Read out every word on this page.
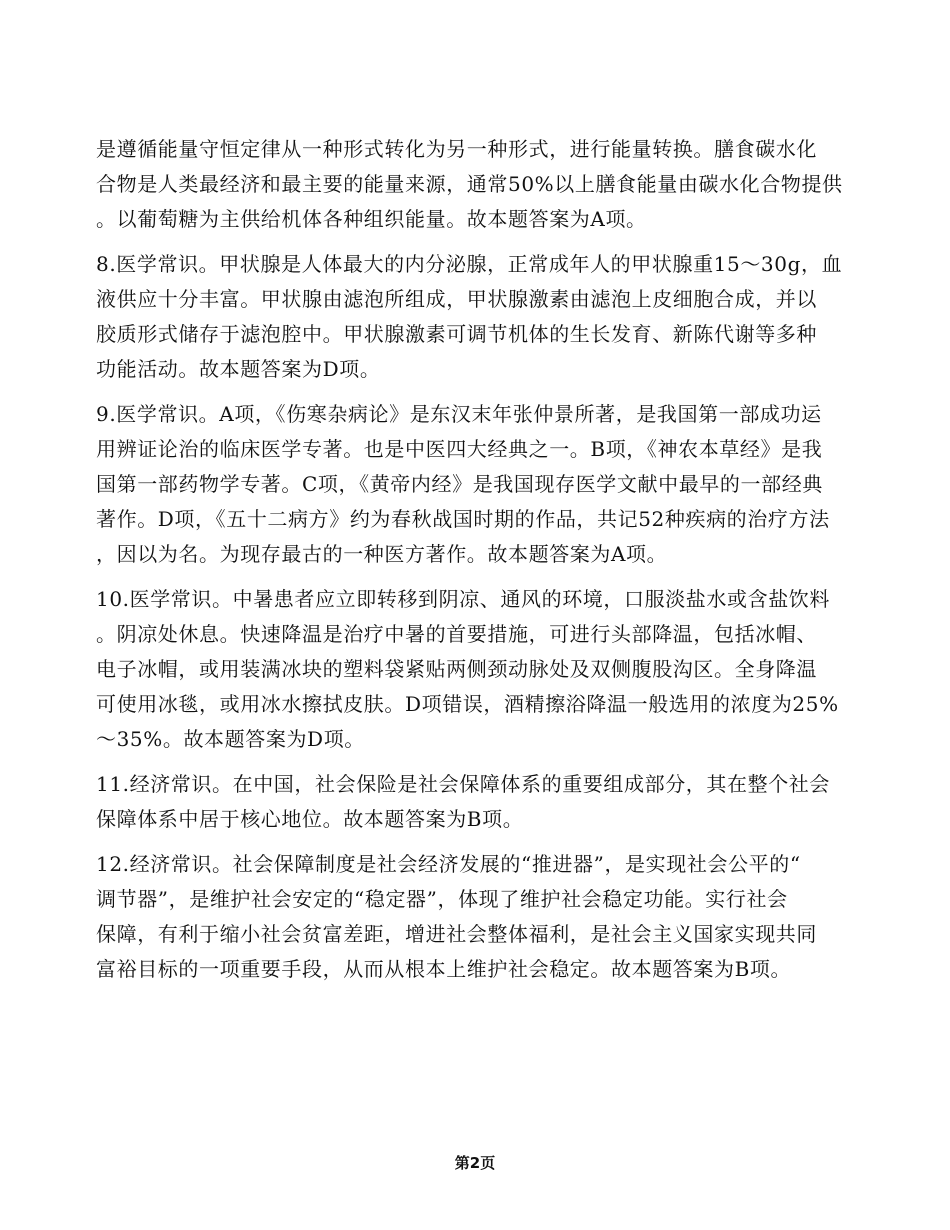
是遵循能量守恒定律从一种形式转化为另一种形式，进行能量转换。膳食碳水化
合物是人类最经济和最主要的能量来源，通常50%以上膳食能量由碳水化合物提供
。以葡萄糖为主供给机体各种组织能量。故本题答案为A项。
8.医学常识。甲状腺是人体最大的内分泌腺，正常成年人的甲状腺重15～30g，血
液供应十分丰富。甲状腺由滤泡所组成，甲状腺激素由滤泡上皮细胞合成，并以
胶质形式储存于滤泡腔中。甲状腺激素可调节机体的生长发育、新陈代谢等多种
功能活动。故本题答案为D项。
9.医学常识。A项，《伤寒杂病论》是东汉末年张仲景所著，是我国第一部成功运
用辨证论治的临床医学专著。也是中医四大经典之一。B项，《神农本草经》是我
国第一部药物学专著。C项，《黄帝内经》是我国现存医学文献中最早的一部经典
著作。D项，《五十二病方》约为春秋战国时期的作品，共记52种疾病的治疗方法
，因以为名。为现存最古的一种医方著作。故本题答案为A项。
10.医学常识。中暑患者应立即转移到阴凉、通风的环境，口服淡盐水或含盐饮料
。阴凉处休息。快速降温是治疗中暑的首要措施，可进行头部降温，包括冰帽、
电子冰帽，或用装满冰块的塑料袋紧贴两侧颈动脉处及双侧腹股沟区。全身降温
可使用冰毯，或用冰水擦拭皮肤。D项错误，酒精擦浴降温一般选用的浓度为25%
～35%。故本题答案为D项。
11.经济常识。在中国，社会保险是社会保障体系的重要组成部分，其在整个社会
保障体系中居于核心地位。故本题答案为B项。
12.经济常识。社会保障制度是社会经济发展的“推进器”，是实现社会公平的“
调节器”，是维护社会安定的“稳定器”，体现了维护社会稳定功能。实行社会
保障，有利于缩小社会贫富差距，增进社会整体福利，是社会主义国家实现共同
富裕目标的一项重要手段，从而从根本上维护社会稳定。故本题答案为B项。
第2页
